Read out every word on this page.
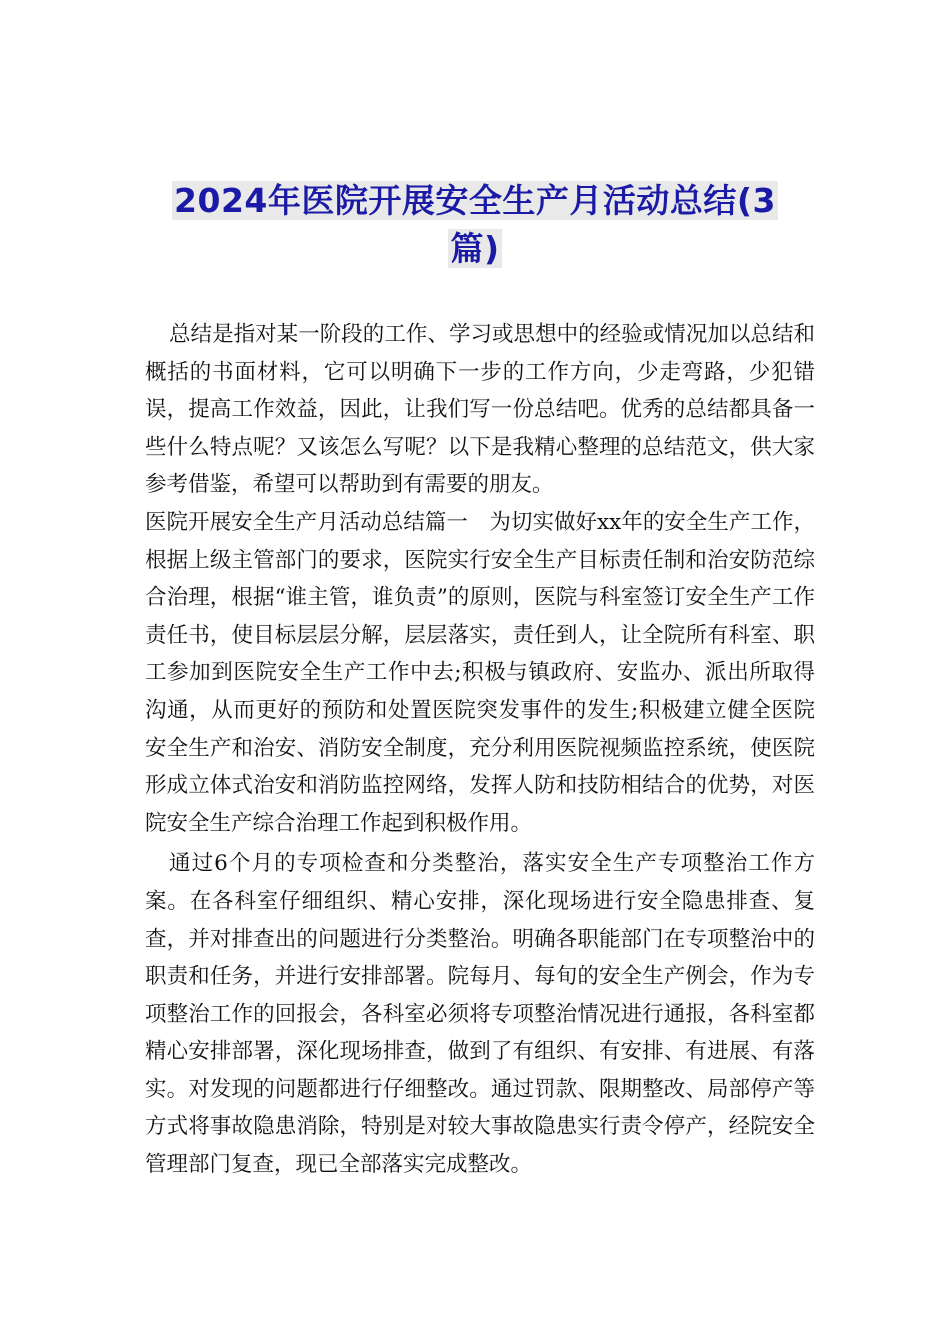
2024年医院开展安全生产月活动总结(3
篇)

总结是指对某一阶段的工作、学习或思想中的经验或情况加以总结和概括的书面材料，它可以明确下一步的工作方向，少走弯路，少犯错误，提高工作效益，因此，让我们写一份总结吧。优秀的总结都具备一些什么特点呢？又该怎么写呢？以下是我精心整理的总结范文，供大家参考借鉴，希望可以帮助到有需要的朋友。

医院开展安全生产月活动总结篇一　为切实做好xx年的安全生产工作，根据上级主管部门的要求，医院实行安全生产目标责任制和治安防范综合治理，根据“谁主管，谁负责”的原则，医院与科室签订安全生产工作责任书，使目标层层分解，层层落实，责任到人，让全院所有科室、职工参加到医院安全生产工作中去;积极与镇政府、安监办、派出所取得沟通，从而更好的预防和处置医院突发事件的发生;积极建立健全医院安全生产和治安、消防安全制度，充分利用医院视频监控系统，使医院形成立体式治安和消防监控网络，发挥人防和技防相结合的优势，对医院安全生产综合治理工作起到积极作用。

通过6个月的专项检查和分类整治，落实安全生产专项整治工作方案。在各科室仔细组织、精心安排，深化现场进行安全隐患排查、复查，并对排查出的问题进行分类整治。明确各职能部门在专项整治中的职责和任务，并进行安排部署。院每月、每旬的安全生产例会，作为专项整治工作的回报会，各科室必须将专项整治情况进行通报，各科室都精心安排部署，深化现场排查，做到了有组织、有安排、有进展、有落实。对发现的问题都进行仔细整改。通过罚款、限期整改、局部停产等方式将事故隐患消除，特别是对较大事故隐患实行责令停产，经院安全管理部门复查，现已全部落实完成整改。
